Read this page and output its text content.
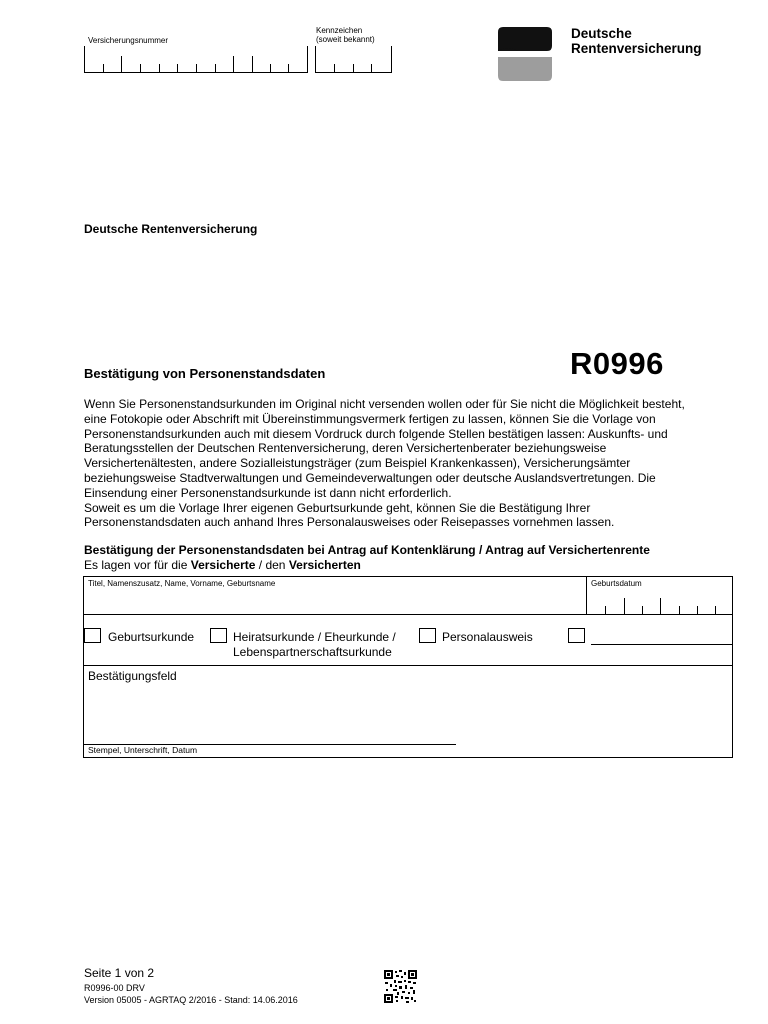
Versicherungsnummer
Kennzeichen
(soweit bekannt)	Deutsche
Rentenversicherung
Deutsche Rentenversicherung
Bestätigung von Personenstandsdaten	R0996

Wenn Sie Personenstandsurkunden im Original nicht versenden wollen oder für Sie nicht die Möglichkeit besteht,

eine Fotokopie oder Abschrift mit Übereinstimmungsvermerk fertigen zu lassen, können Sie die Vorlage von

Personenstandsurkunden auch mit diesem Vordruck durch folgende Stellen bestätigen lassen: Auskunfts- und

Beratungsstellen der Deutschen Rentenversicherung, deren Versichertenberater beziehungsweise

Versichertenältesten, andere Sozialleistungsträger (zum Beispiel Krankenkassen), Versicherungsämter

beziehungsweise Stadtverwaltungen und Gemeindeverwaltungen oder deutsche Auslandsvertretungen. Die

Einsendung einer Personenstandsurkunde ist dann nicht erforderlich.

Soweit es um die Vorlage Ihrer eigenen Geburtsurkunde geht, können Sie die Bestätigung Ihrer

Personenstandsdaten auch anhand Ihres Personalausweises oder Reisepasses vornehmen lassen.

Bestätigung der Personenstandsdaten bei Antrag auf Kontenklärung / Antrag auf Versichertenrente
Es lagen vor für die Versicherte / den Versicherten
Titel, Namenszusatz, Name, Vorname, Geburtsname	Geburtsdatum
Geburtsurkunde	Heiratsurkunde / Eheurkunde /
Lebenspartnerschaftsurkunde
Personalausweis
Bestätigungsfeld
Stempel, Unterschrift, Datum
Seite 1 von 2
R0996-00 DRV
Version 05005 - AGRTAQ 2/2016 - Stand: 14.06.2016
